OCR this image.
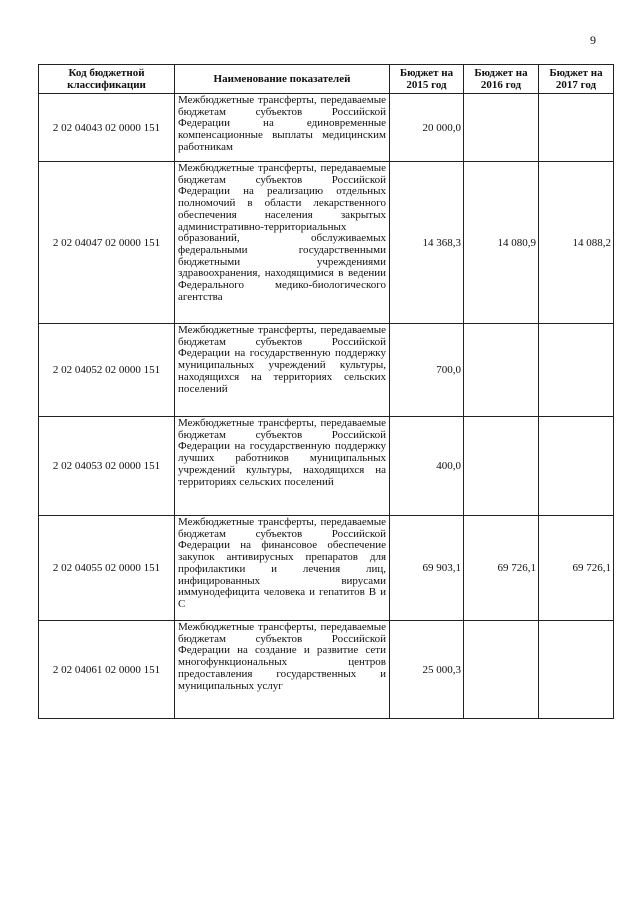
9
Код бюджетной классификации	Наименование показателей	Бюджет на 2015 год	Бюджет на 2016 год	Бюджет на 2017 год
2 02 04043 02 0000 151	Межбюджетные трансферты, передаваемые бюджетам субъектов Российской Федерации на единовременные компенсационные выплаты медицинским работникам	20 000,0		
2 02 04047 02 0000 151	Межбюджетные трансферты, передаваемые бюджетам субъектов Российской Федерации на реализацию отдельных полномочий в области лекарственного обеспечения населения закрытых административно-территориальных образований, обслуживаемых федеральными государственными бюджетными учреждениями здравоохранения, находящимися в ведении Федерального медико-биологического агентства	14 368,3	14 080,9	14 088,2
2 02 04052 02 0000 151	Межбюджетные трансферты, передаваемые бюджетам субъектов Российской Федерации на государственную поддержку муниципальных учреждений культуры, находящихся на территориях сельских поселений	700,0		
2 02 04053 02 0000 151	Межбюджетные трансферты, передаваемые бюджетам субъектов Российской Федерации на государственную поддержку лучших работников муниципальных учреждений культуры, находящихся на территориях сельских поселений	400,0		
2 02 04055 02 0000 151	Межбюджетные трансферты, передаваемые бюджетам субъектов Российской Федерации на финансовое обеспечение закупок антивирусных препаратов для профилактики и лечения лиц, инфицированных вирусами иммунодефицита человека и гепатитов B и C	69 903,1	69 726,1	69 726,1
2 02 04061 02 0000 151	Межбюджетные трансферты, передаваемые бюджетам субъектов Российской Федерации на создание и развитие сети многофункциональных центров предоставления государственных и муниципальных услуг	25 000,3		
